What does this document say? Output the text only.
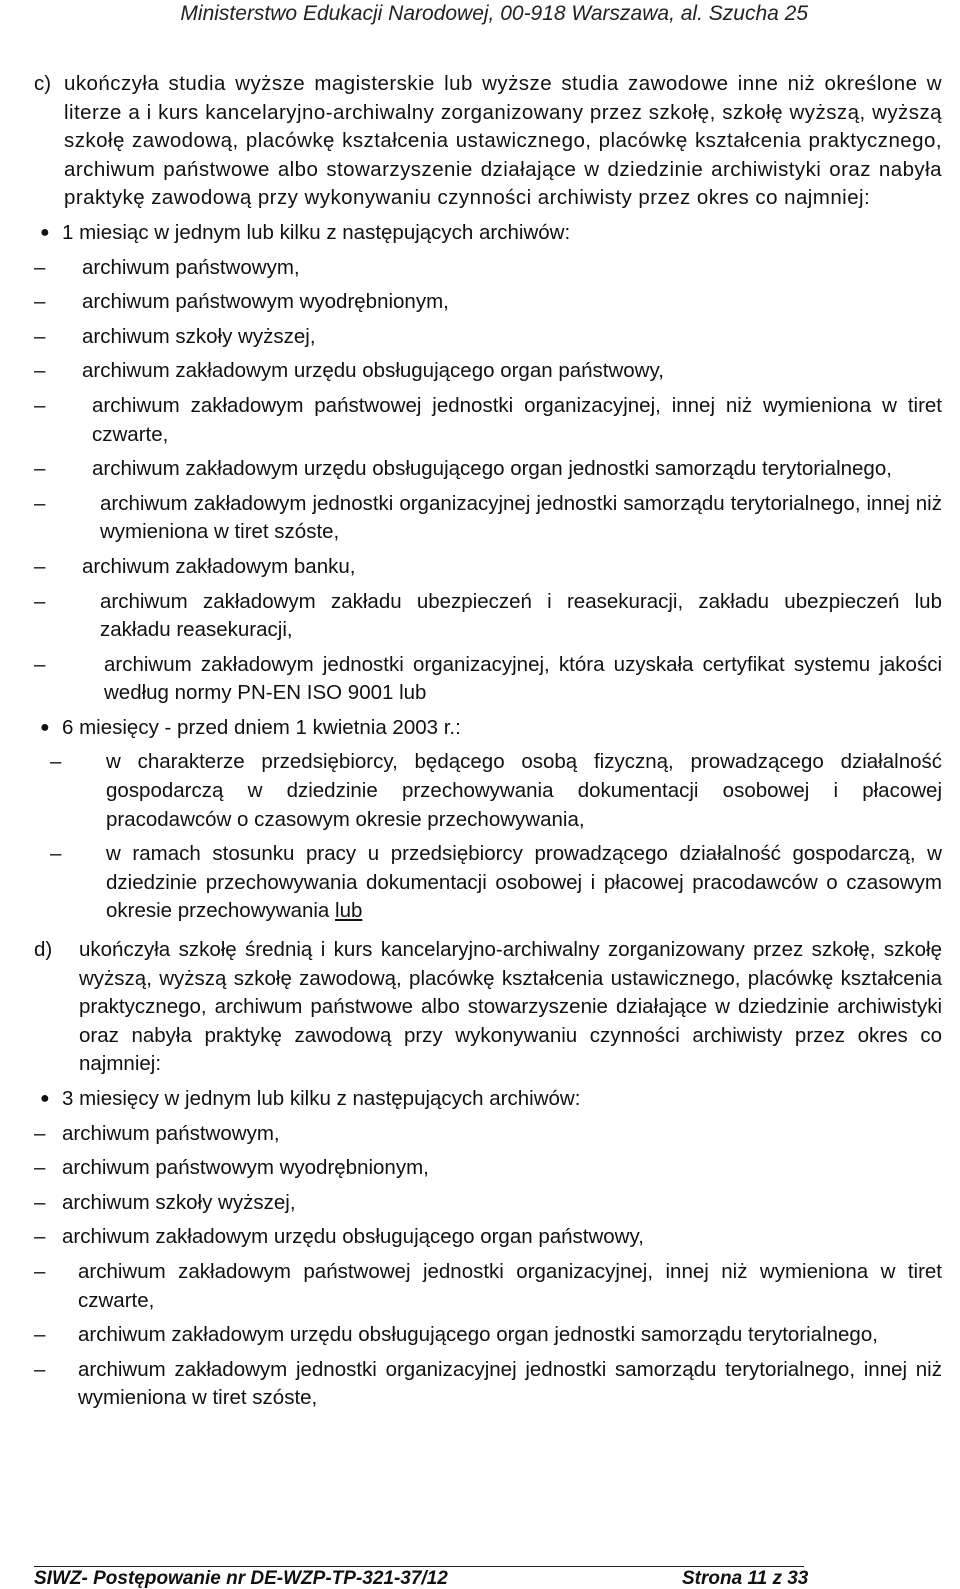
Ministerstwo Edukacji Narodowej, 00-918 Warszawa, al. Szucha 25
c) ukończyła studia wyższe magisterskie lub wyższe studia zawodowe inne niż określone w literze a i kurs kancelaryjno-archiwalny zorganizowany przez szkołę, szkołę wyższą, wyższą szkołę zawodową, placówkę kształcenia ustawicznego, placówkę kształcenia praktycznego, archiwum państwowe albo stowarzyszenie działające w dziedzinie archiwistyki oraz nabyła praktykę zawodową przy wykonywaniu czynności archiwisty przez okres co najmniej:
● 1 miesiąc w jednym lub kilku z następujących archiwów:
– archiwum państwowym,
– archiwum państwowym wyodrębnionym,
– archiwum szkoły wyższej,
– archiwum zakładowym urzędu obsługującego organ państwowy,
– archiwum zakładowym państwowej jednostki organizacyjnej, innej niż wymieniona w tiret czwarte,
– archiwum zakładowym urzędu obsługującego organ jednostki samorządu terytorialnego,
–	archiwum zakładowym jednostki organizacyjnej jednostki samorządu terytorialnego, innej niż wymieniona w tiret szóste,
– archiwum zakładowym banku,
–	archiwum zakładowym zakładu ubezpieczeń i reasekuracji, zakładu ubezpieczeń lub zakładu reasekuracji,
–	archiwum zakładowym jednostki organizacyjnej, która uzyskała certyfikat systemu jakości według normy PN-EN ISO 9001 lub
● 6 miesięcy - przed dniem 1 kwietnia 2003 r.:
– w charakterze przedsiębiorcy, będącego osobą fizyczną, prowadzącego działalność gospodarczą w dziedzinie przechowywania dokumentacji osobowej i płacowej pracodawców o czasowym okresie przechowywania,
– w ramach stosunku pracy u przedsiębiorcy prowadzącego działalność gospodarczą, w dziedzinie przechowywania dokumentacji osobowej i płacowej pracodawców o czasowym okresie przechowywania lub
d)	ukończyła szkołę średnią i kurs kancelaryjno-archiwalny zorganizowany przez szkołę, szkołę wyższą, wyższą szkołę zawodową, placówkę kształcenia ustawicznego, placówkę kształcenia praktycznego, archiwum państwowe albo stowarzyszenie działające w dziedzinie archiwistyki oraz nabyła praktykę zawodową przy wykonywaniu czynności archiwisty przez okres co najmniej:
● 3 miesięcy w jednym lub kilku z następujących archiwów:
– archiwum państwowym,
– archiwum państwowym wyodrębnionym,
– archiwum szkoły wyższej,
– archiwum zakładowym urzędu obsługującego organ państwowy,
– archiwum zakładowym państwowej jednostki organizacyjnej, innej niż wymieniona w tiret czwarte,
– archiwum zakładowym urzędu obsługującego organ jednostki samorządu terytorialnego,
– archiwum zakładowym jednostki organizacyjnej jednostki samorządu terytorialnego, innej niż wymieniona w tiret szóste,
SIWZ- Postępowanie nr DE-WZP-TP-321-37/12	Strona 11 z 33
